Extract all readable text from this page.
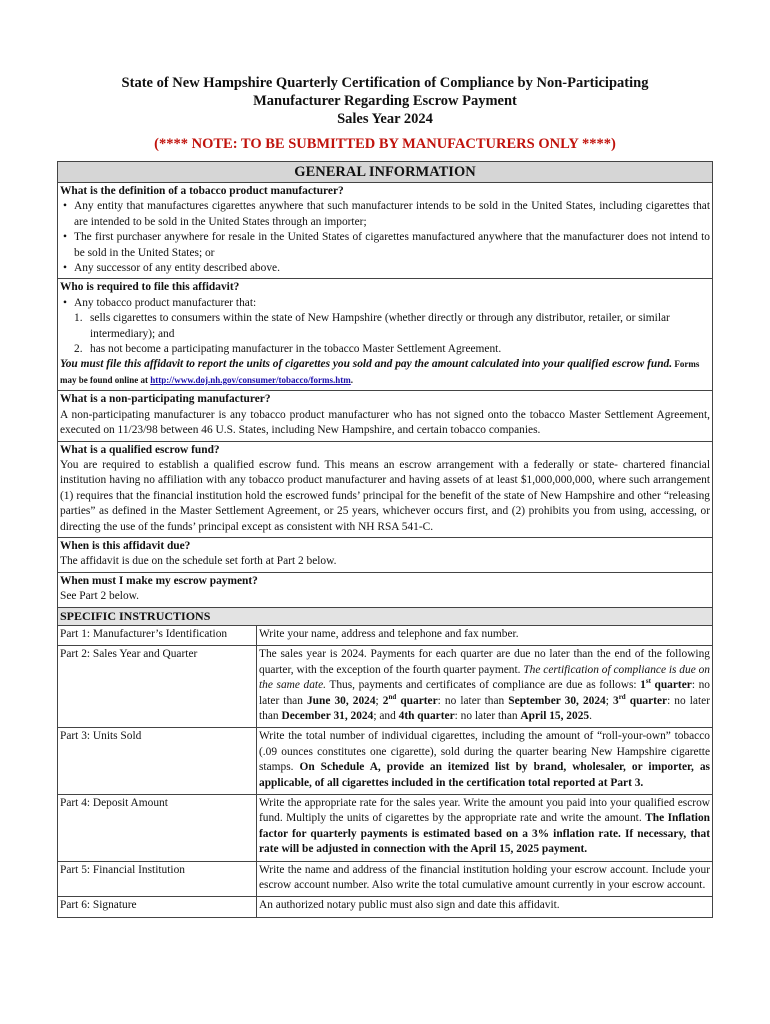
State of New Hampshire Quarterly Certification of Compliance by Non-Participating
Manufacturer Regarding Escrow Payment
Sales Year 2024
(**** NOTE: TO BE SUBMITTED BY MANUFACTURERS ONLY ****)
GENERAL INFORMATION
What is the definition of a tobacco product manufacturer?
• Any entity that manufactures cigarettes anywhere that such manufacturer intends to be sold in the United States, including cigarettes that are intended to be sold in the United States through an importer;
• The first purchaser anywhere for resale in the United States of cigarettes manufactured anywhere that the manufacturer does not intend to be sold in the United States; or
• Any successor of any entity described above.
Who is required to file this affidavit?
• Any tobacco product manufacturer that:
1. sells cigarettes to consumers within the state of New Hampshire (whether directly or through any distributor, retailer, or similar intermediary); and
2. has not become a participating manufacturer in the tobacco Master Settlement Agreement.
You must file this affidavit to report the units of cigarettes you sold and pay the amount calculated into your qualified escrow fund. Forms may be found online at http://www.doj.nh.gov/consumer/tobacco/forms.htm.
What is a non-participating manufacturer?
A non-participating manufacturer is any tobacco product manufacturer who has not signed onto the tobacco Master Settlement Agreement, executed on 11/23/98 between 46 U.S. States, including New Hampshire, and certain tobacco companies.
What is a qualified escrow fund?
You are required to establish a qualified escrow fund. This means an escrow arrangement with a federally or state- chartered financial institution having no affiliation with any tobacco product manufacturer and having assets of at least $1,000,000,000, where such arrangement (1) requires that the financial institution hold the escrowed funds’ principal for the benefit of the state of New Hampshire and other “releasing parties” as defined in the Master Settlement Agreement, or 25 years, whichever occurs first, and (2) prohibits you from using, accessing, or directing the use of the funds’ principal except as consistent with NH RSA 541-C.
When is this affidavit due?
The affidavit is due on the schedule set forth at Part 2 below.
When must I make my escrow payment?
See Part 2 below.
SPECIFIC INSTRUCTIONS
Part 1: Manufacturer’s Identification	Write your name, address and telephone and fax number.
Part 2: Sales Year and Quarter	The sales year is 2024. Payments for each quarter are due no later than the end of the following quarter, with the exception of the fourth quarter payment. The certification of compliance is due on the same date. Thus, payments and certificates of compliance are due as follows: 1st quarter: no later than June 30, 2024; 2nd quarter: no later than September 30, 2024; 3rd quarter: no later than December 31, 2024; and 4th quarter: no later than April 15, 2025.
Part 3: Units Sold	Write the total number of individual cigarettes, including the amount of “roll-your-own” tobacco (.09 ounces constitutes one cigarette), sold during the quarter bearing New Hampshire cigarette stamps. On Schedule A, provide an itemized list by brand, wholesaler, or importer, as applicable, of all cigarettes included in the certification total reported at Part 3.
Part 4: Deposit Amount	Write the appropriate rate for the sales year. Write the amount you paid into your qualified escrow fund. Multiply the units of cigarettes by the appropriate rate and write the amount. The Inflation factor for quarterly payments is estimated based on a 3% inflation rate. If necessary, that rate will be adjusted in connection with the April 15, 2025 payment.
Part 5: Financial Institution	Write the name and address of the financial institution holding your escrow account. Include your escrow account number. Also write the total cumulative amount currently in your escrow account.
Part 6: Signature	An authorized notary public must also sign and date this affidavit.
